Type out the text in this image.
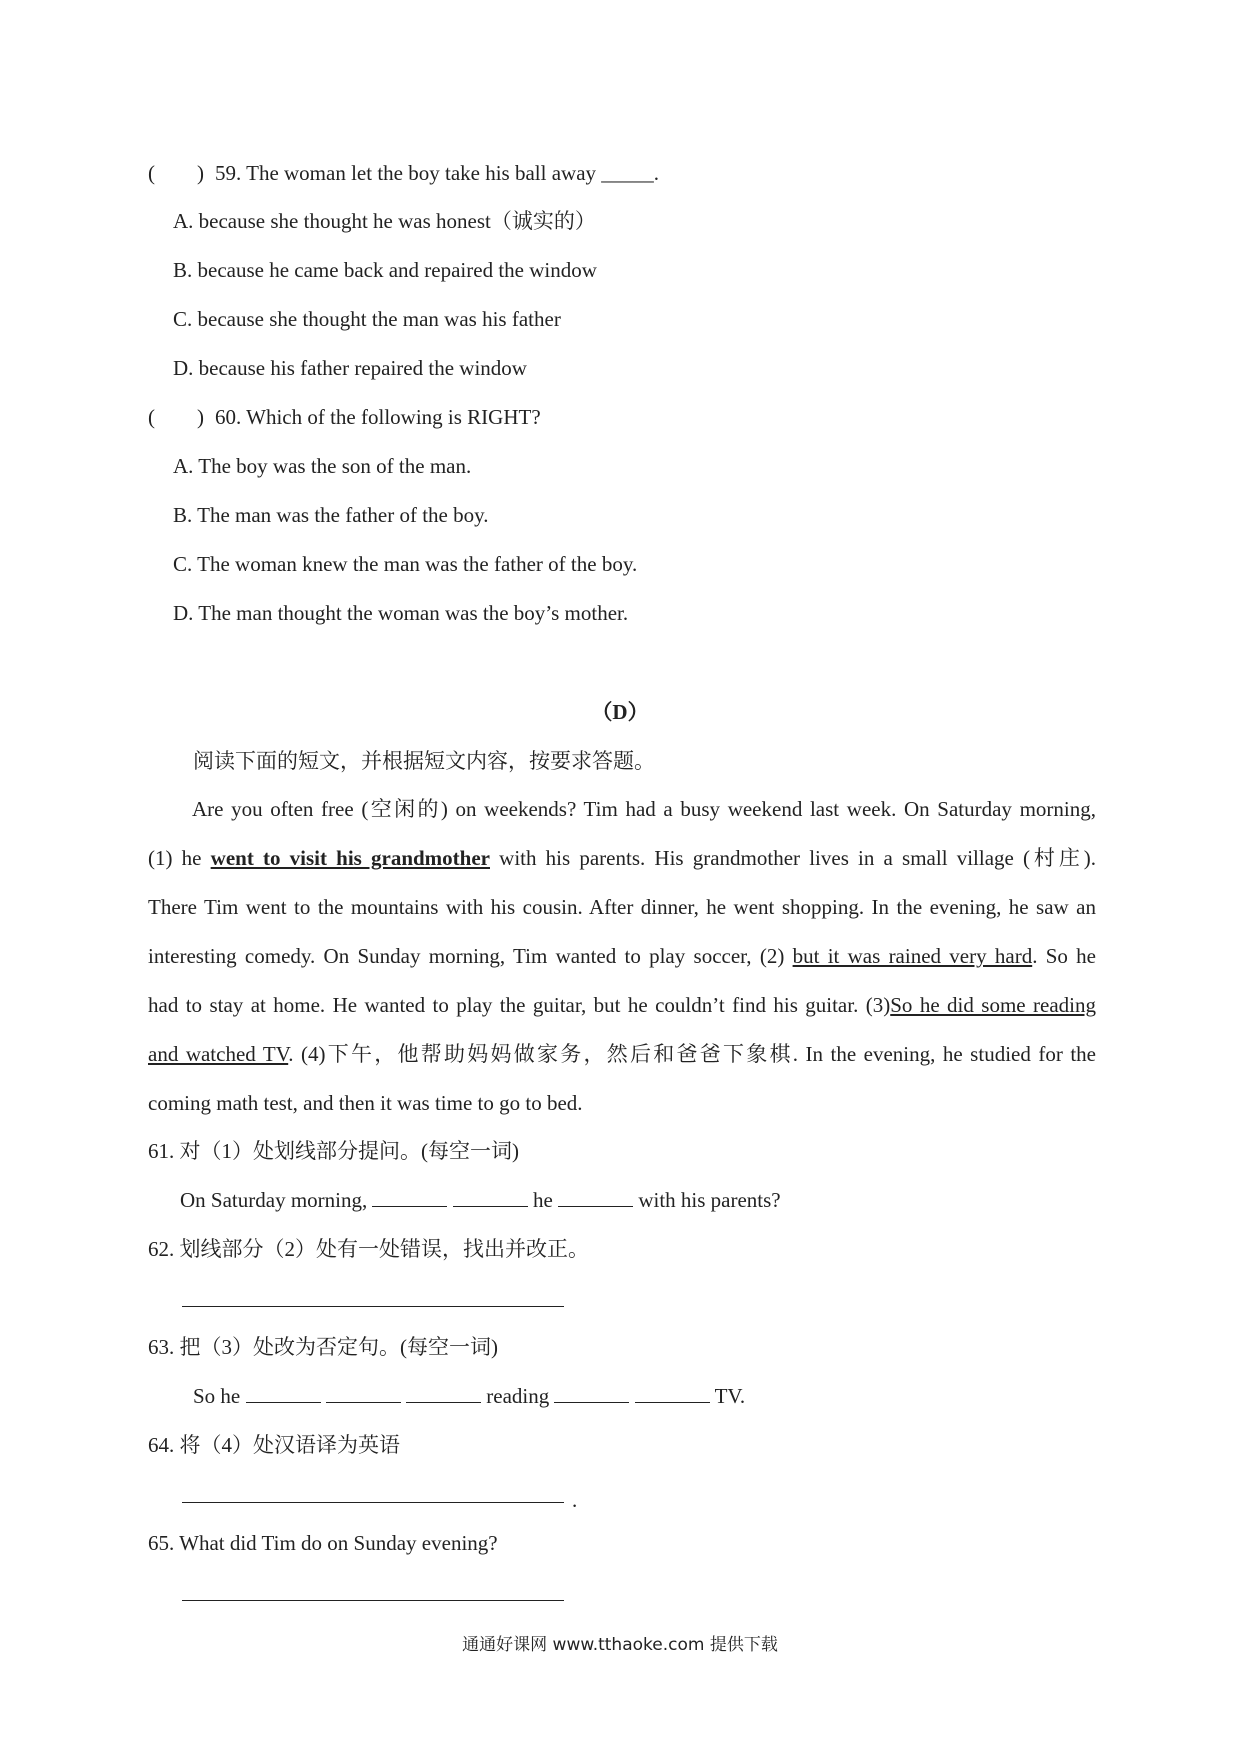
( ) 59. The woman let the boy take his ball away _____.
A. because she thought he was honest（诚实的）
B. because he came back and repaired the window
C. because she thought the man was his father
D. because his father repaired the window
( ) 60. Which of the following is RIGHT?
A. The boy was the son of the man.
B. The man was the father of the boy.
C. The woman knew the man was the father of the boy.
D. The man thought the woman was the boy’s mother.
（D）
阅读下面的短文，并根据短文内容，按要求答题。
Are you often free (空闲的) on weekends? Tim had a busy weekend last week. On Saturday morning,
(1) he went to visit his grandmother with his parents. His grandmother lives in a small village (村庄).
There Tim went to the mountains with his cousin. After dinner, he went shopping. In the evening, he saw an
interesting comedy. On Sunday morning, Tim wanted to play soccer, (2) but it was rained very hard. So he
had to stay at home. He wanted to play the guitar, but he couldn’t find his guitar. (3)So he did some reading
and watched TV. (4)下午，他帮助妈妈做家务，然后和爸爸下象棋. In the evening, he studied for the
coming math test, and then it was time to go to bed.
61. 对（1）处划线部分提问。(每空一词)
On Saturday morning,	he	with his parents?
62. 划线部分（2）处有一处错误，找出并改正。
63. 把（3）处改为否定句。(每空一词)
So he	reading	TV.
64. 将（4）处汉语译为英语
.
65. What did Tim do on Sunday evening?
通通好课网 www.tthaoke.com 提供下载
